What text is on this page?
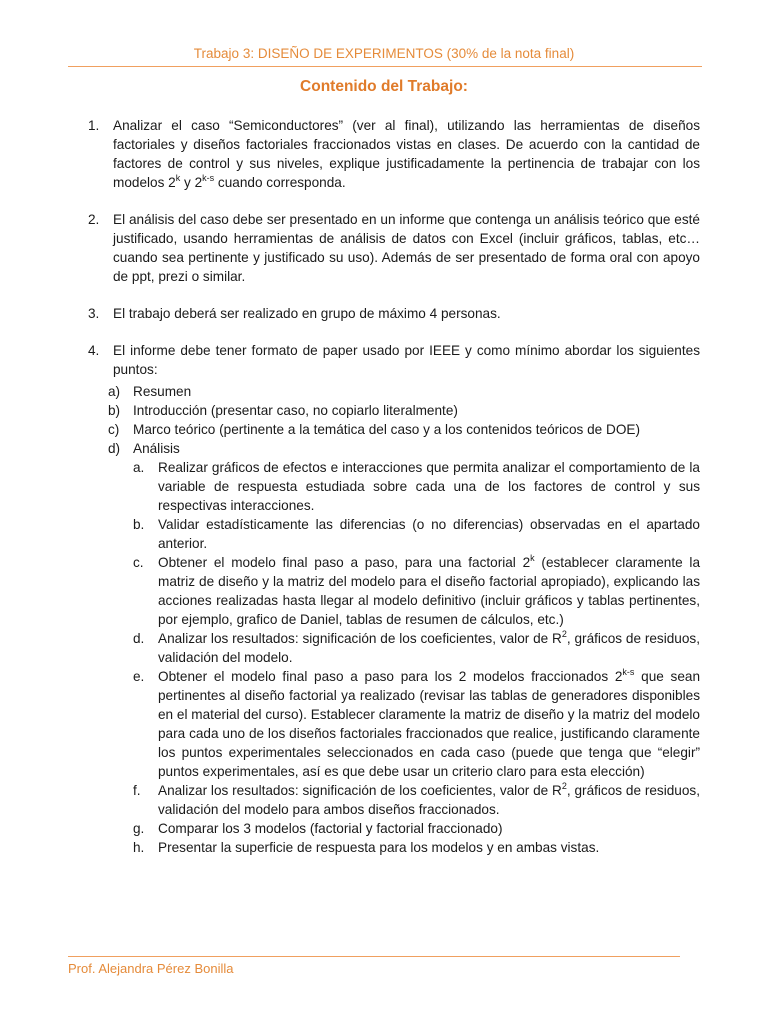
Trabajo 3: DISEÑO DE EXPERIMENTOS (30% de la nota final)
Contenido del Trabajo:
1.	Analizar el caso “Semiconductores” (ver al final), utilizando las herramientas de diseños factoriales y diseños factoriales fraccionados vistas en clases. De acuerdo con la cantidad de factores de control y sus niveles, explique justificadamente la pertinencia de trabajar con los modelos 2$^k$ y 2$^{k-s}$ cuando corresponda.
2.	El análisis del caso debe ser presentado en un informe que contenga un análisis teórico que esté justificado, usando herramientas de análisis de datos con Excel (incluir gráficos, tablas, etc… cuando sea pertinente y justificado su uso). Además de ser presentado de forma oral con apoyo de ppt, prezi o similar.
3.	El trabajo deberá ser realizado en grupo de máximo 4 personas.
4.	El informe debe tener formato de paper usado por IEEE y como mínimo abordar los siguientes puntos:
a) Resumen
b) Introducción (presentar caso, no copiarlo literalmente)
c)	Marco teórico (pertinente a la temática del caso y a los contenidos teóricos de DOE)
d) Análisis
a.	Realizar gráficos de efectos e interacciones que permita analizar el comportamiento de la variable de respuesta estudiada sobre cada una de los factores de control y sus respectivas interacciones.
b.	Validar estadísticamente las diferencias (o no diferencias) observadas en el apartado anterior.
c.	Obtener el modelo final paso a paso, para una factorial 2$^k$ (establecer claramente la matriz de diseño y la matriz del modelo para el diseño factorial apropiado), explicando las acciones realizadas hasta llegar al modelo definitivo (incluir gráficos y tablas pertinentes, por ejemplo, grafico de Daniel, tablas de resumen de cálculos, etc.)
d.	Analizar los resultados: significación de los coeficientes, valor de $R^2$, gráficos de residuos, validación del modelo.
e.	Obtener el modelo final paso a paso para los 2 modelos fraccionados 2$^{k-s}$ que sean pertinentes al diseño factorial ya realizado (revisar las tablas de generadores disponibles en el material del curso). Establecer claramente la matriz de diseño y la matriz del modelo para cada uno de los diseños factoriales fraccionados que realice, justificando claramente los puntos experimentales seleccionados en cada caso (puede que tenga que “elegir” puntos experimentales, así es que debe usar un criterio claro para esta elección)
f.	Analizar los resultados: significación de los coeficientes, valor de $R^2$, gráficos de residuos, validación del modelo para ambos diseños fraccionados.
g.	Comparar los 3 modelos (factorial y factorial fraccionado)
h.	Presentar la superficie de respuesta para los modelos y en ambas vistas.
Prof. Alejandra Pérez Bonilla
